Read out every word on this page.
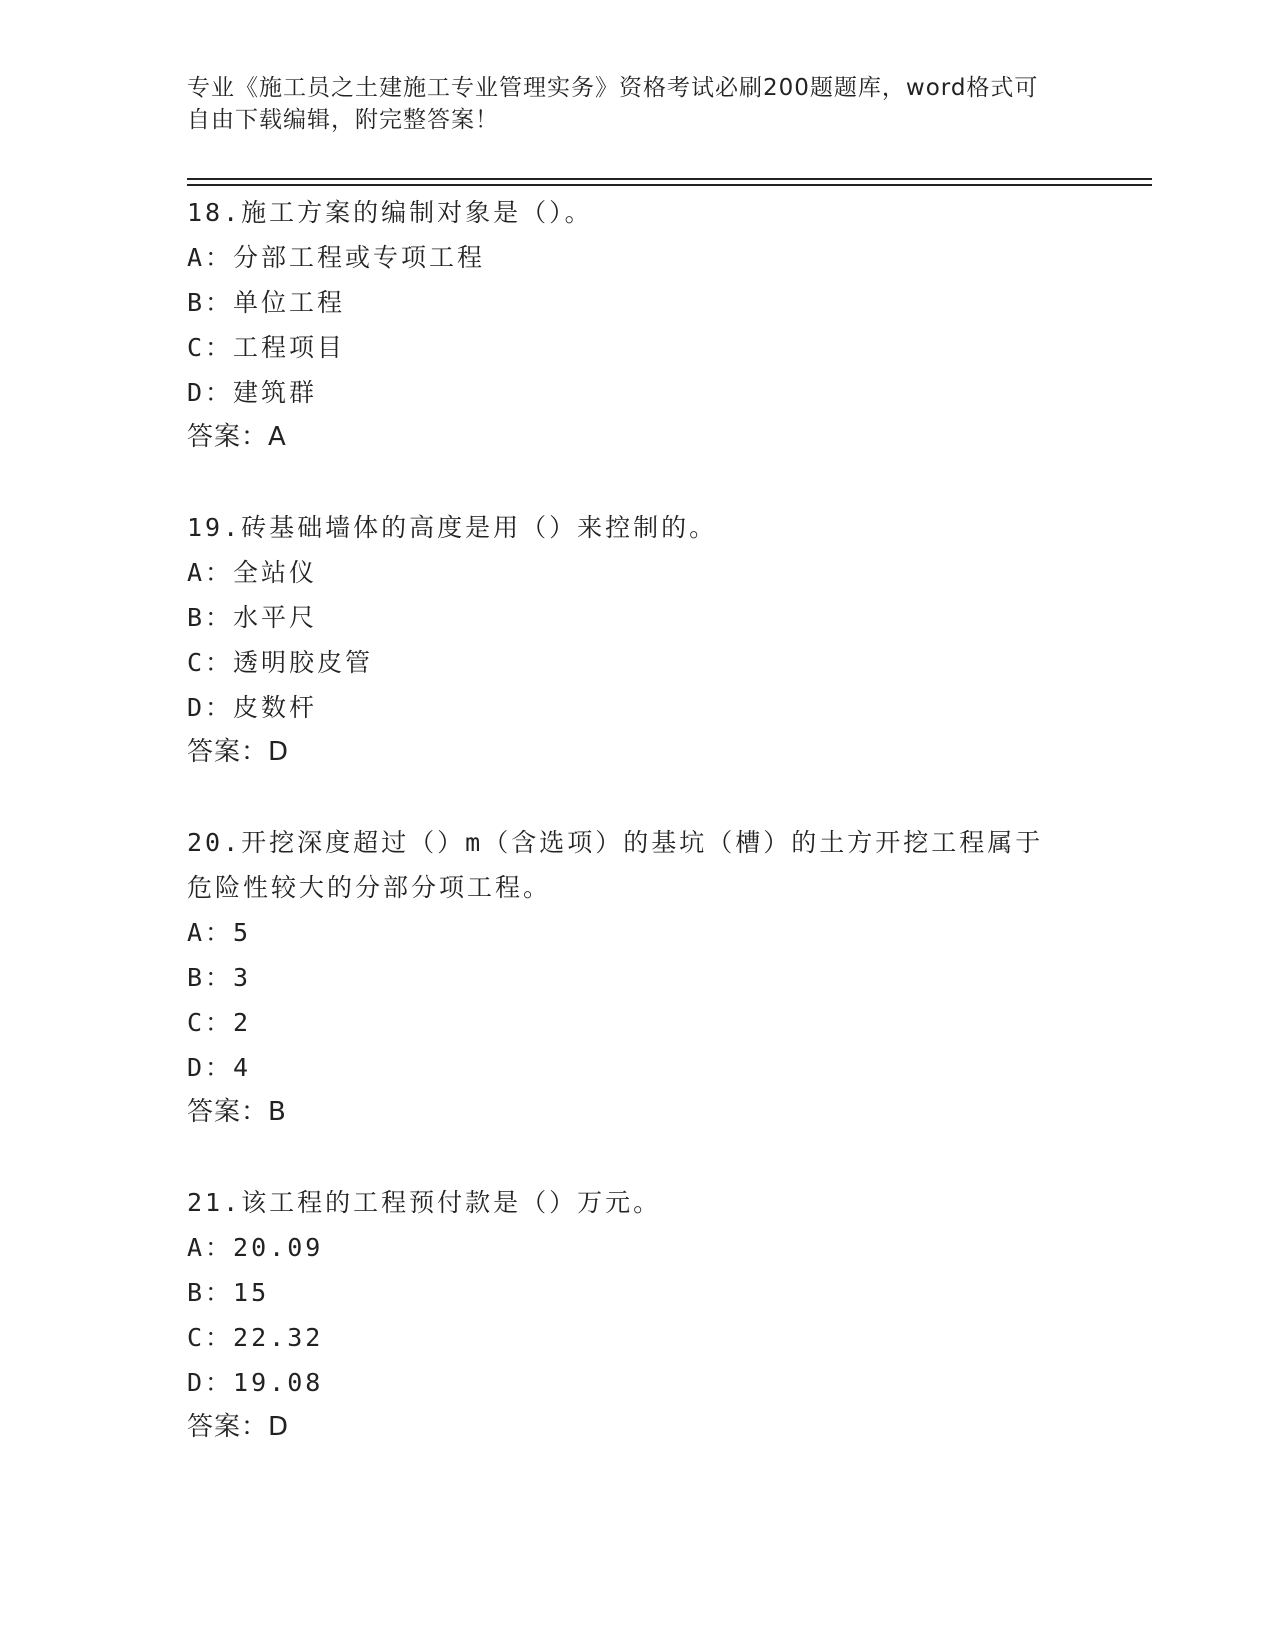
专业《施工员之土建施工专业管理实务》资格考试必刷200题题库，word格式可
自由下载编辑，附完整答案！
18.施工方案的编制对象是（）。
A：分部工程或专项工程
B：单位工程
C：工程项目
D：建筑群
答案：A
19.砖基础墙体的高度是用（）来控制的。
A：全站仪
B：水平尺
C：透明胶皮管
D：皮数杆
答案：D
20.开挖深度超过（）m（含选项）的基坑（槽）的土方开挖工程属于
危险性较大的分部分项工程。
A：5
B：3
C：2
D：4
答案：B
21.该工程的工程预付款是（）万元。
A：20.09
B：15
C：22.32
D：19.08
答案：D
